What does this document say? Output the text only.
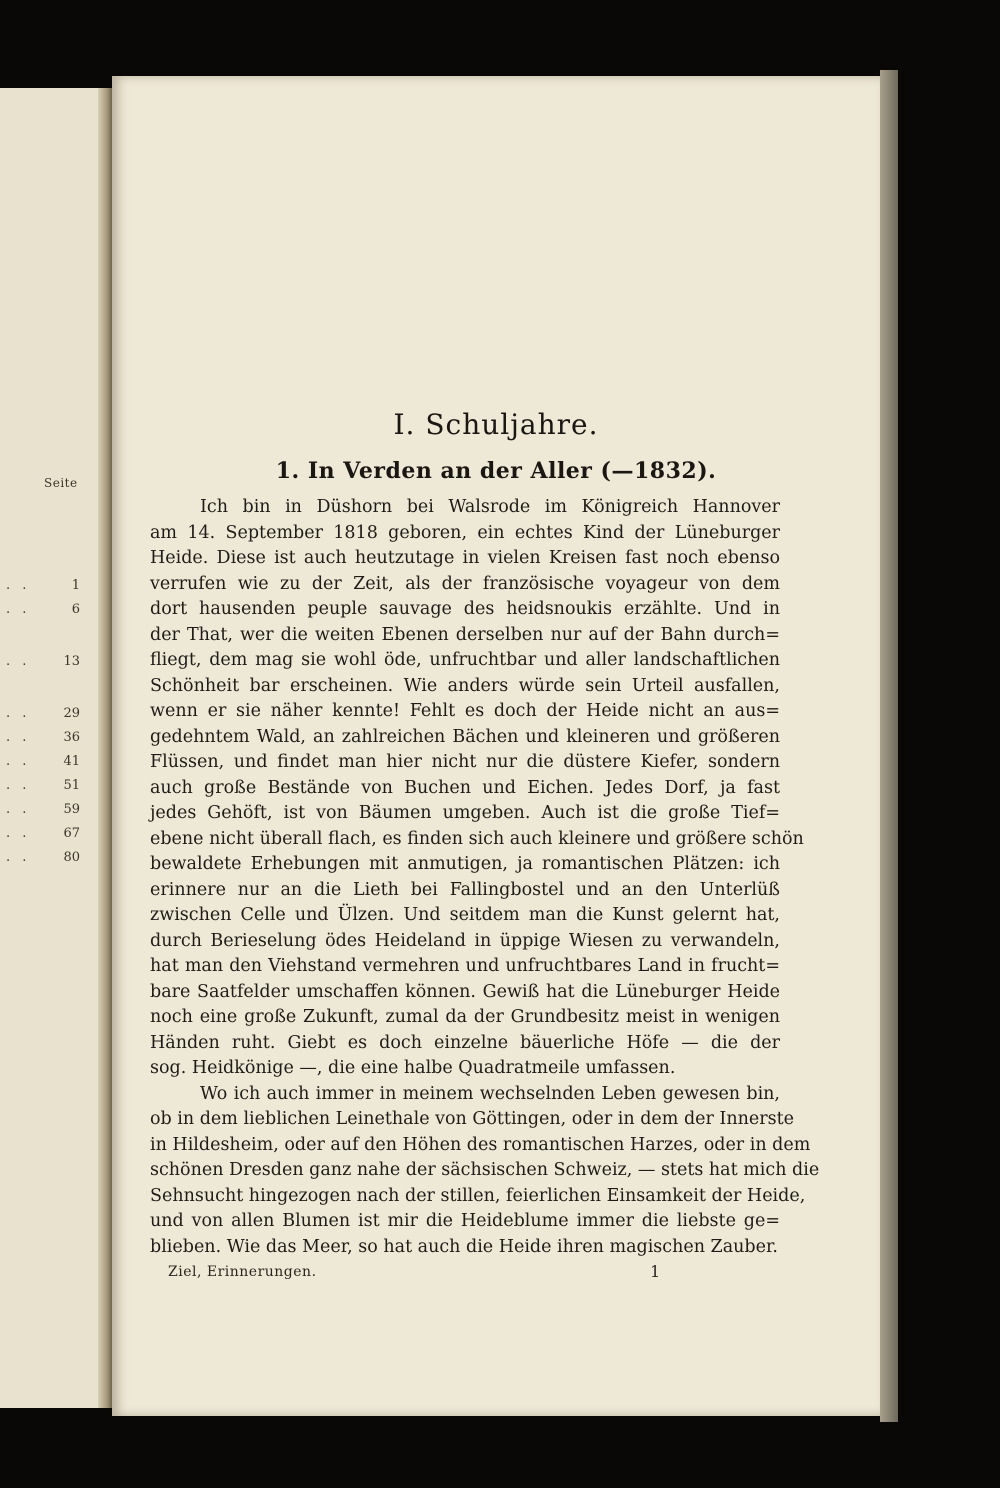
Seite
. .	1
. .	6
. .	13
. .	29
. .	36
. .	41
. .	51
. .	59
. .	67
. .	80
I. Schuljahre.
1. In Verden an der Aller (—1832).
Ich bin in Düshorn bei Walsrode im Königreich Hannover
am 14. September 1818 geboren, ein echtes Kind der Lüneburger
Heide. Diese ist auch heutzutage in vielen Kreisen fast noch ebenso
verrufen wie zu der Zeit, als der französische voyageur von dem
dort hausenden peuple sauvage des heidsnoukis erzählte. Und in
der That, wer die weiten Ebenen derselben nur auf der Bahn durch=
fliegt, dem mag sie wohl öde, unfruchtbar und aller landschaftlichen
Schönheit bar erscheinen. Wie anders würde sein Urteil ausfallen,
wenn er sie näher kennte! Fehlt es doch der Heide nicht an aus=
gedehntem Wald, an zahlreichen Bächen und kleineren und größeren
Flüssen, und findet man hier nicht nur die düstere Kiefer, sondern
auch große Bestände von Buchen und Eichen. Jedes Dorf, ja fast
jedes Gehöft, ist von Bäumen umgeben. Auch ist die große Tief=
ebene nicht überall flach, es finden sich auch kleinere und größere schön
bewaldete Erhebungen mit anmutigen, ja romantischen Plätzen: ich
erinnere nur an die Lieth bei Fallingbostel und an den Unterlüß
zwischen Celle und Ülzen. Und seitdem man die Kunst gelernt hat,
durch Berieselung ödes Heideland in üppige Wiesen zu verwandeln,
hat man den Viehstand vermehren und unfruchtbares Land in frucht=
bare Saatfelder umschaffen können. Gewiß hat die Lüneburger Heide
noch eine große Zukunft, zumal da der Grundbesitz meist in wenigen
Händen ruht. Giebt es doch einzelne bäuerliche Höfe — die der
sog. Heidkönige —, die eine halbe Quadratmeile umfassen.
Wo ich auch immer in meinem wechselnden Leben gewesen bin,
ob in dem lieblichen Leinethale von Göttingen, oder in dem der Innerste
in Hildesheim, oder auf den Höhen des romantischen Harzes, oder in dem
schönen Dresden ganz nahe der sächsischen Schweiz, — stets hat mich die
Sehnsucht hingezogen nach der stillen, feierlichen Einsamkeit der Heide,
und von allen Blumen ist mir die Heideblume immer die liebste ge=
blieben. Wie das Meer, so hat auch die Heide ihren magischen Zauber.
Ziel, Erinnerungen.	1
